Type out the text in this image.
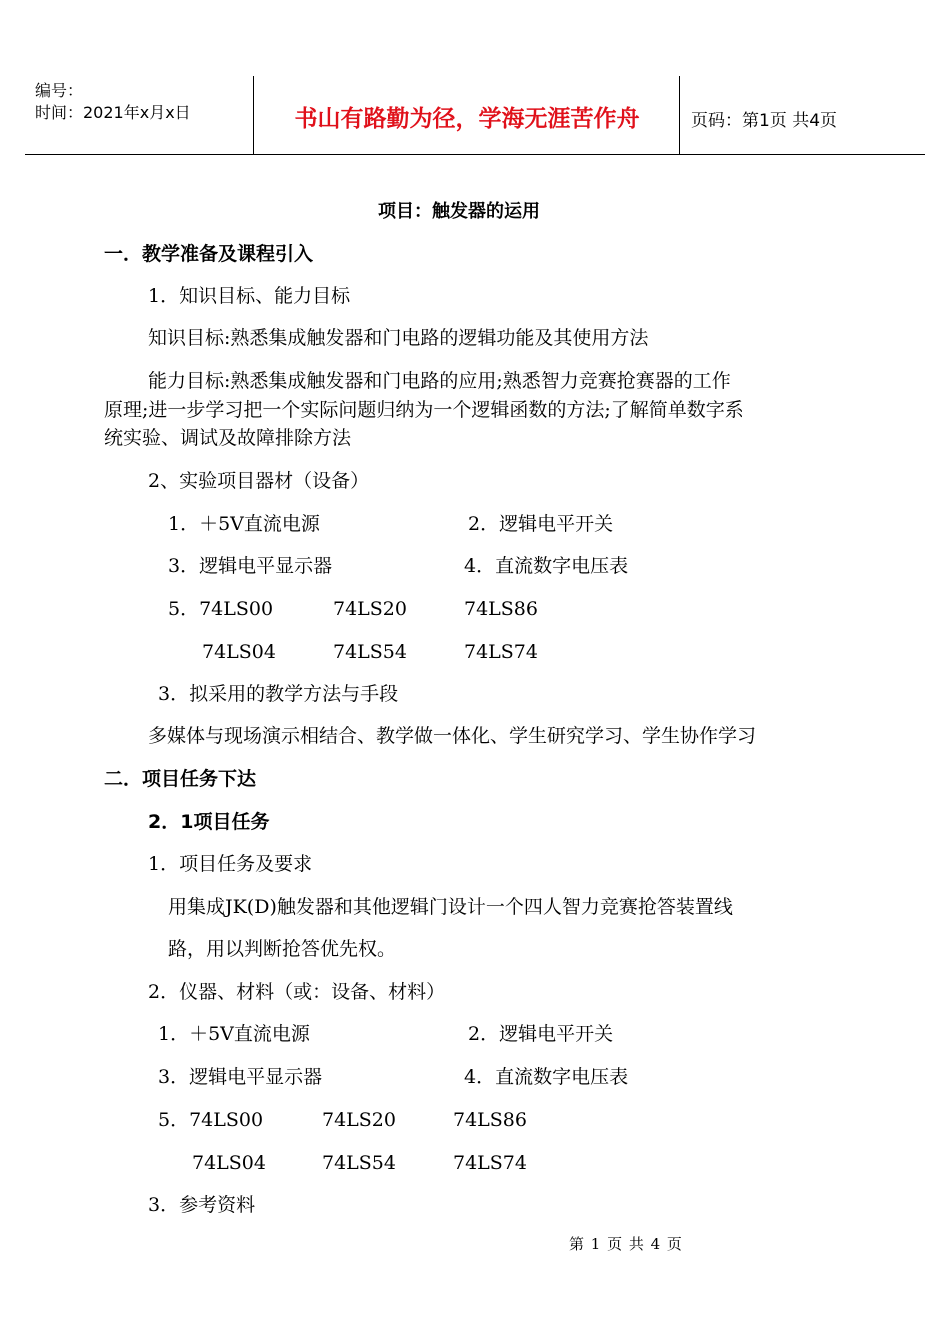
编号：
时间：2021年x月x日	书山有路勤为径，学海无涯苦作舟	页码：第1页 共4页
项目：触发器的运用
一．教学准备及课程引入
1．知识目标、能力目标
知识目标:熟悉集成触发器和门电路的逻辑功能及其使用方法
能力目标:熟悉集成触发器和门电路的应用;熟悉智力竞赛抢赛器的工作
原理;进一步学习把一个实际问题归纳为一个逻辑函数的方法;了解简单数字系
统实验、调试及故障排除方法
2、实验项目器材（设备）
1．＋5V直流电源	2．逻辑电平开关
3．逻辑电平显示器	4．直流数字电压表
5．74LS00	74LS20	74LS86
74LS04	74LS54	74LS74
3．拟采用的教学方法与手段
多媒体与现场演示相结合、教学做一体化、学生研究学习、学生协作学习
二．项目任务下达
2．1项目任务
1．项目任务及要求
用集成JK(D)触发器和其他逻辑门设计一个四人智力竞赛抢答装置线
路，用以判断抢答优先权。
2．仪器、材料（或：设备、材料）
1．＋5V直流电源	2．逻辑电平开关
3．逻辑电平显示器	4．直流数字电压表
5．74LS00	74LS20	74LS86
74LS04	74LS54	74LS74
3．参考资料
第 1 页 共 4 页
